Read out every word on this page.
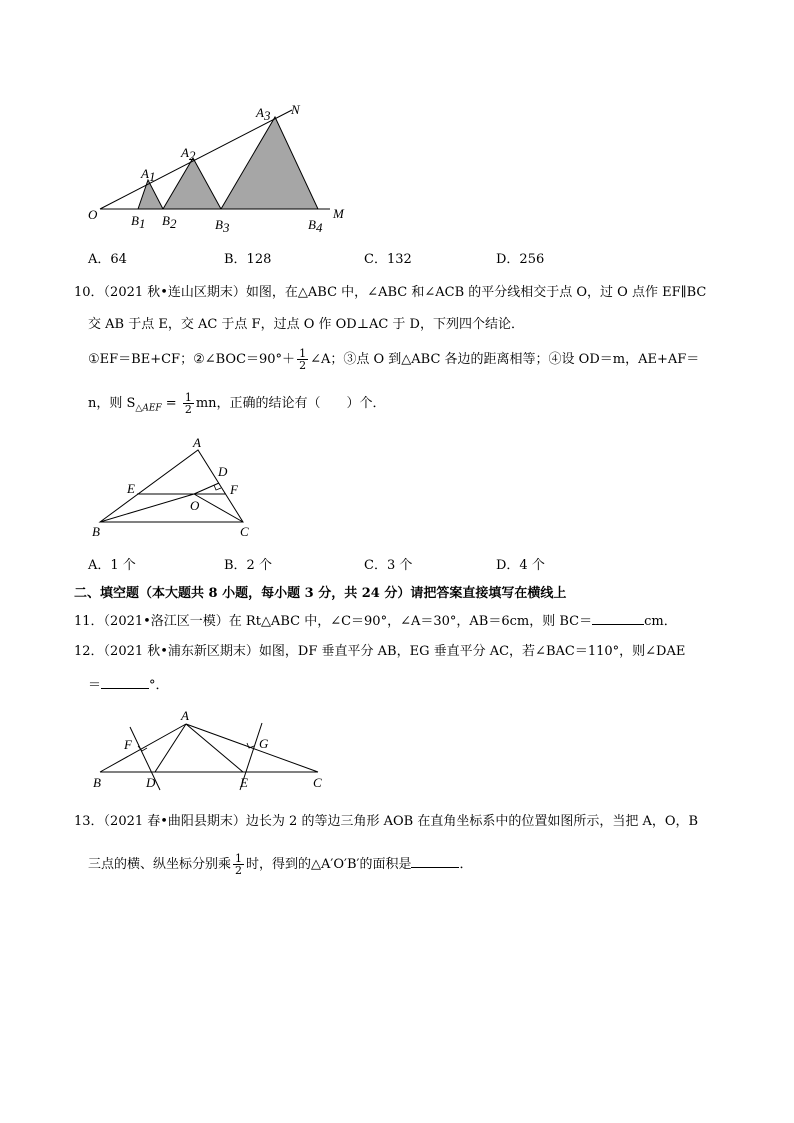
O	M
N
A1
A2
A3
B1 B2	B3	B4
A．64	B．128	C．132	D．256
10．（2021 秋•连山区期末）如图，在△ABC 中，∠ABC 和∠ACB 的平分线相交于点 O，过 O 点作 EF∥BC
交 AB 于点 E，交 AC 于点 F，过点 O 作 OD⊥AC 于 D，下列四个结论．
①EF＝BE+CF；②∠BOC＝90°＋ $\frac{1}{2}$ ∠A；③点 O 到△ABC 各边的距离相等；④设 OD＝m，AE+AF＝
n，则 $S_{\triangle AEF} = \frac{1}{2}$ mn，正确的结论有（　　）个．
A
B	C
D
E	F
O
A．1 个	B．2 个	C．3 个	D．4 个
二、填空题（本大题共 8 小题，每小题 3 分，共 24 分）请把答案直接填写在横线上
11．（2021•洛江区一模）在 Rt△ABC 中，∠C＝90°，∠A＝30°，AB＝6cm，则 BC＝	cm．
12．（2021 秋•浦东新区期末）如图，DF 垂直平分 AB，EG 垂直平分 AC，若∠BAC＝110°，则∠DAE
＝	°．
A
B	C
D	E
F	G
13．（2021 春•曲阳县期末）边长为 2 的等边三角形 AOB 在直角坐标系中的位置如图所示，当把 A，O，B
三点的横、纵坐标分别乘 $\frac{1}{2}$ 时，得到的△A′O′B′的面积是	．
